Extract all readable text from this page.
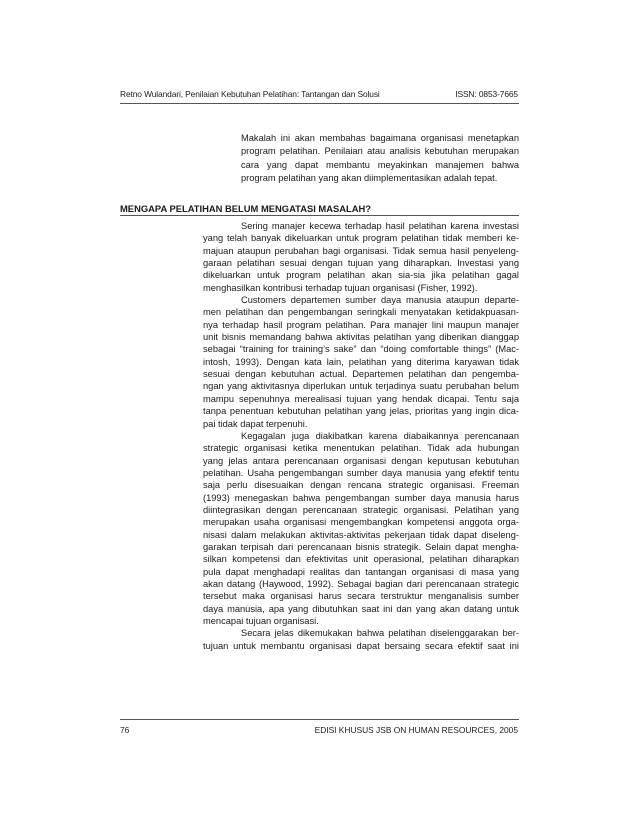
Retno Wulandari, Penilaian Kebutuhan Pelatihan: Tantangan dan Solusi	ISSN: 0853-7665
Makalah ini akan membahas bagaimana organisasi menetapkan program pelatihan. Penilaian atau analisis kebutuhan merupakan cara yang dapat membantu meyakinkan manajemen bahwa program pelatihan yang akan diimplementasikan adalah tepat.
MENGAPA PELATIHAN BELUM MENGATASI MASALAH?
Sering manajer kecewa terhadap hasil pelatihan karena investasi
yang telah banyak dikeluarkan untuk program pelatihan tidak memberi ke-
majuan ataupun perubahan bagi organisasi. Tidak semua hasil penyeleng-
garaan pelatihan sesuai dengan tujuan yang diharapkan. Investasi yang
dikeluarkan untuk program pelatihan akan sia-sia jika pelatihan gagal
menghasilkan kontribusi terhadap tujuan organisasi (Fisher, 1992).
Customers departemen sumber daya manusia ataupun departe-
men pelatihan dan pengembangan seringkali menyatakan ketidakpuasan-
nya terhadap hasil program pelatihan. Para manajer lini maupun manajer
unit bisnis memandang bahwa aktivitas pelatihan yang diberikan dianggap
sebagai “training for training’s sake” dan “doing comfortable things” (Mac-
intosh, 1993). Dengan kata lain, pelatihan yang diterima karyawan tidak
sesuai dengan kebutuhan actual. Departemen pelatihan dan pengemba-
ngan yang aktivitasnya diperlukan untuk terjadinya suatu perubahan belum
mampu sepenuhnya merealisasi tujuan yang hendak dicapai. Tentu saja
tanpa penentuan kebutuhan pelatihan yang jelas, prioritas yang ingin dica-
pai tidak dapat terpenuhi.
Kegagalan juga diakibatkan karena diabaikannya perencanaan
strategic organisasi ketika menentukan pelatihan. Tidak ada hubungan
yang jelas antara perencanaan organisasi dengan keputusan kebutuhan
pelatihan. Usaha pengembangan sumber daya manusia yang efektif tentu
saja perlu disesuaikan dengan rencana strategic organisasi. Freeman
(1993) menegaskan bahwa pengembangan sumber daya manusia harus
diintegrasikan dengan perencanaan strategic organisasi. Pelatihan yang
merupakan usaha organisasi mengembangkan kompetensi anggota orga-
nisasi dalam melakukan aktivitas-aktivitas pekerjaan tidak dapat diseleng-
garakan terpisah dari perencanaan bisnis strategik. Selain dapat mengha-
silkan kompetensi dan efektivitas unit operasional, pelatihan diharapkan
pula dapat menghadapi realitas dan tantangan organisasi di masa yang
akan datang (Haywood, 1992). Sebagai bagian dari perencanaan strategic
tersebut maka organisasi harus secara terstruktur menganalisis sumber
daya manusia, apa yang dibutuhkan saat ini dan yang akan datang untuk
mencapai tujuan organisasi.
Secara jelas dikemukakan bahwa pelatihan diselenggarakan ber-
tujuan untuk membantu organisasi dapat bersaing secara efektif saat ini
76	EDISI KHUSUS JSB ON HUMAN RESOURCES, 2005
